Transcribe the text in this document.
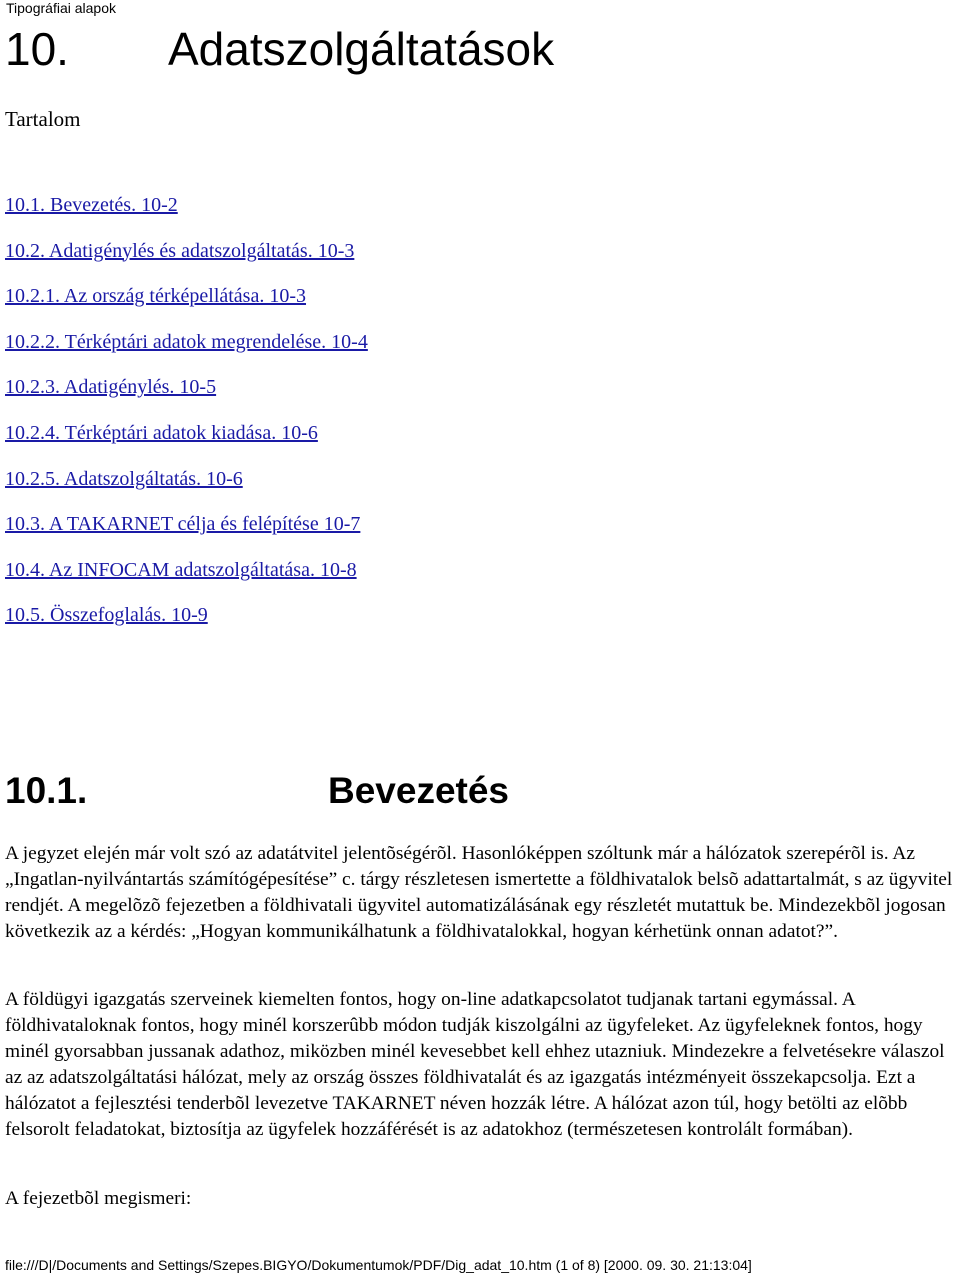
Tipográfiai alapok
10. Adatszolgáltatások
Tartalom
10.1. Bevezetés. 10-2
10.2. Adatigénylés és adatszolgáltatás. 10-3
10.2.1. Az ország térképellátása. 10-3
10.2.2. Térképtári adatok megrendelése. 10-4
10.2.3. Adatigénylés. 10-5
10.2.4. Térképtári adatok kiadása. 10-6
10.2.5. Adatszolgáltatás. 10-6
10.3. A TAKARNET célja és felépítése 10-7
10.4. Az INFOCAM adatszolgáltatása. 10-8
10.5. Összefoglalás. 10-9
10.1.	Bevezetés

A jegyzet elején már volt szó az adatátvitel jelentõségérõl. Hasonlóképpen szóltunk már a hálózatok szerepérõl is. Az „Ingatlan-nyilvántartás számítógépesítése” c. tárgy részletesen ismertette a földhivatalok belsõ adattartalmát, s az ügyvitel rendjét. A megelõzõ fejezetben a földhivatali ügyvitel automatizálásának egy részletét mutattuk be. Mindezekbõl jogosan következik az a kérdés: „Hogyan kommunikálhatunk a földhivatalokkal, hogyan kérhetünk onnan adatot?”.

A földügyi igazgatás szerveinek kiemelten fontos, hogy on-line adatkapcsolatot tudjanak tartani egymással. A földhivataloknak fontos, hogy minél korszerûbb módon tudják kiszolgálni az ügyfeleket. Az ügyfeleknek fontos, hogy minél gyorsabban jussanak adathoz, miközben minél kevesebbet kell ehhez utazniuk. Mindezekre a felvetésekre válaszol az az adatszolgáltatási hálózat, mely az ország összes földhivatalát és az igazgatás intézményeit összekapcsolja. Ezt a hálózatot a fejlesztési tenderbõl levezetve TAKARNET néven hozzák létre. A hálózat azon túl, hogy betölti az elõbb felsorolt feladatokat, biztosítja az ügyfelek hozzáférését is az adatokhoz (természetesen kontrolált formában).

A fejezetbõl megismeri:

file:///D|/Documents and Settings/Szepes.BIGYO/Dokumentumok/PDF/Dig_adat_10.htm (1 of 8) [2000. 09. 30. 21:13:04]
